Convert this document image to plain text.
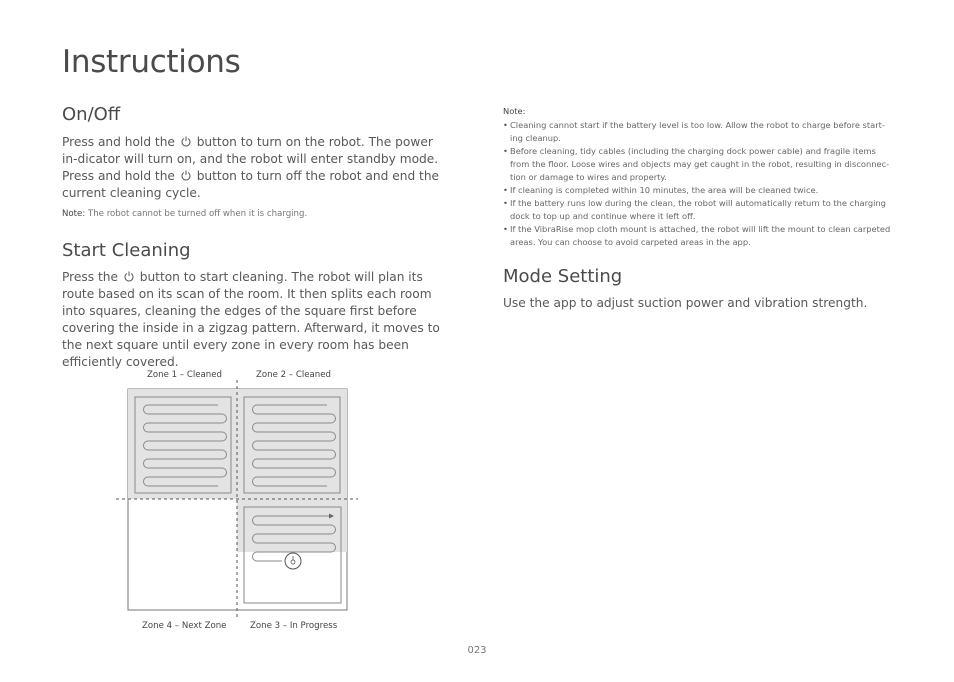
Instructions
On/Off

Press and hold the button to turn on the robot. The power in-dicator will turn on, and the robot will enter standby mode. Press and hold the button to turn off the robot and end the current cleaning cycle.

Note: The robot cannot be turned off when it is charging.

Start Cleaning

Press the button to start cleaning. The robot will plan its route based on its scan of the room. It then splits each room into squares, cleaning the edges of the square first before covering the inside in a zigzag pattern. Afterward, it moves to the next square until every zone in every room has been efficiently covered.

Zone 1 – Cleaned	Zone 2 – Cleaned
Zone 4 – Next Zone	Zone 3 – In Progress
Note:
• Cleaning cannot start if the battery level is too low. Allow the robot to charge before start-ing cleanup.
• Before cleaning, tidy cables (including the charging dock power cable) and fragile items from the floor. Loose wires and objects may get caught in the robot, resulting in disconnec-tion or damage to wires and property.
• If cleaning is completed within 10 minutes, the area will be cleaned twice.
• If the battery runs low during the clean, the robot will automatically return to the charging dock to top up and continue where it left off.
• If the VibraRise mop cloth mount is attached, the robot will lift the mount to clean carpeted areas. You can choose to avoid carpeted areas in the app.
Mode Setting

Use the app to adjust suction power and vibration strength.

023
